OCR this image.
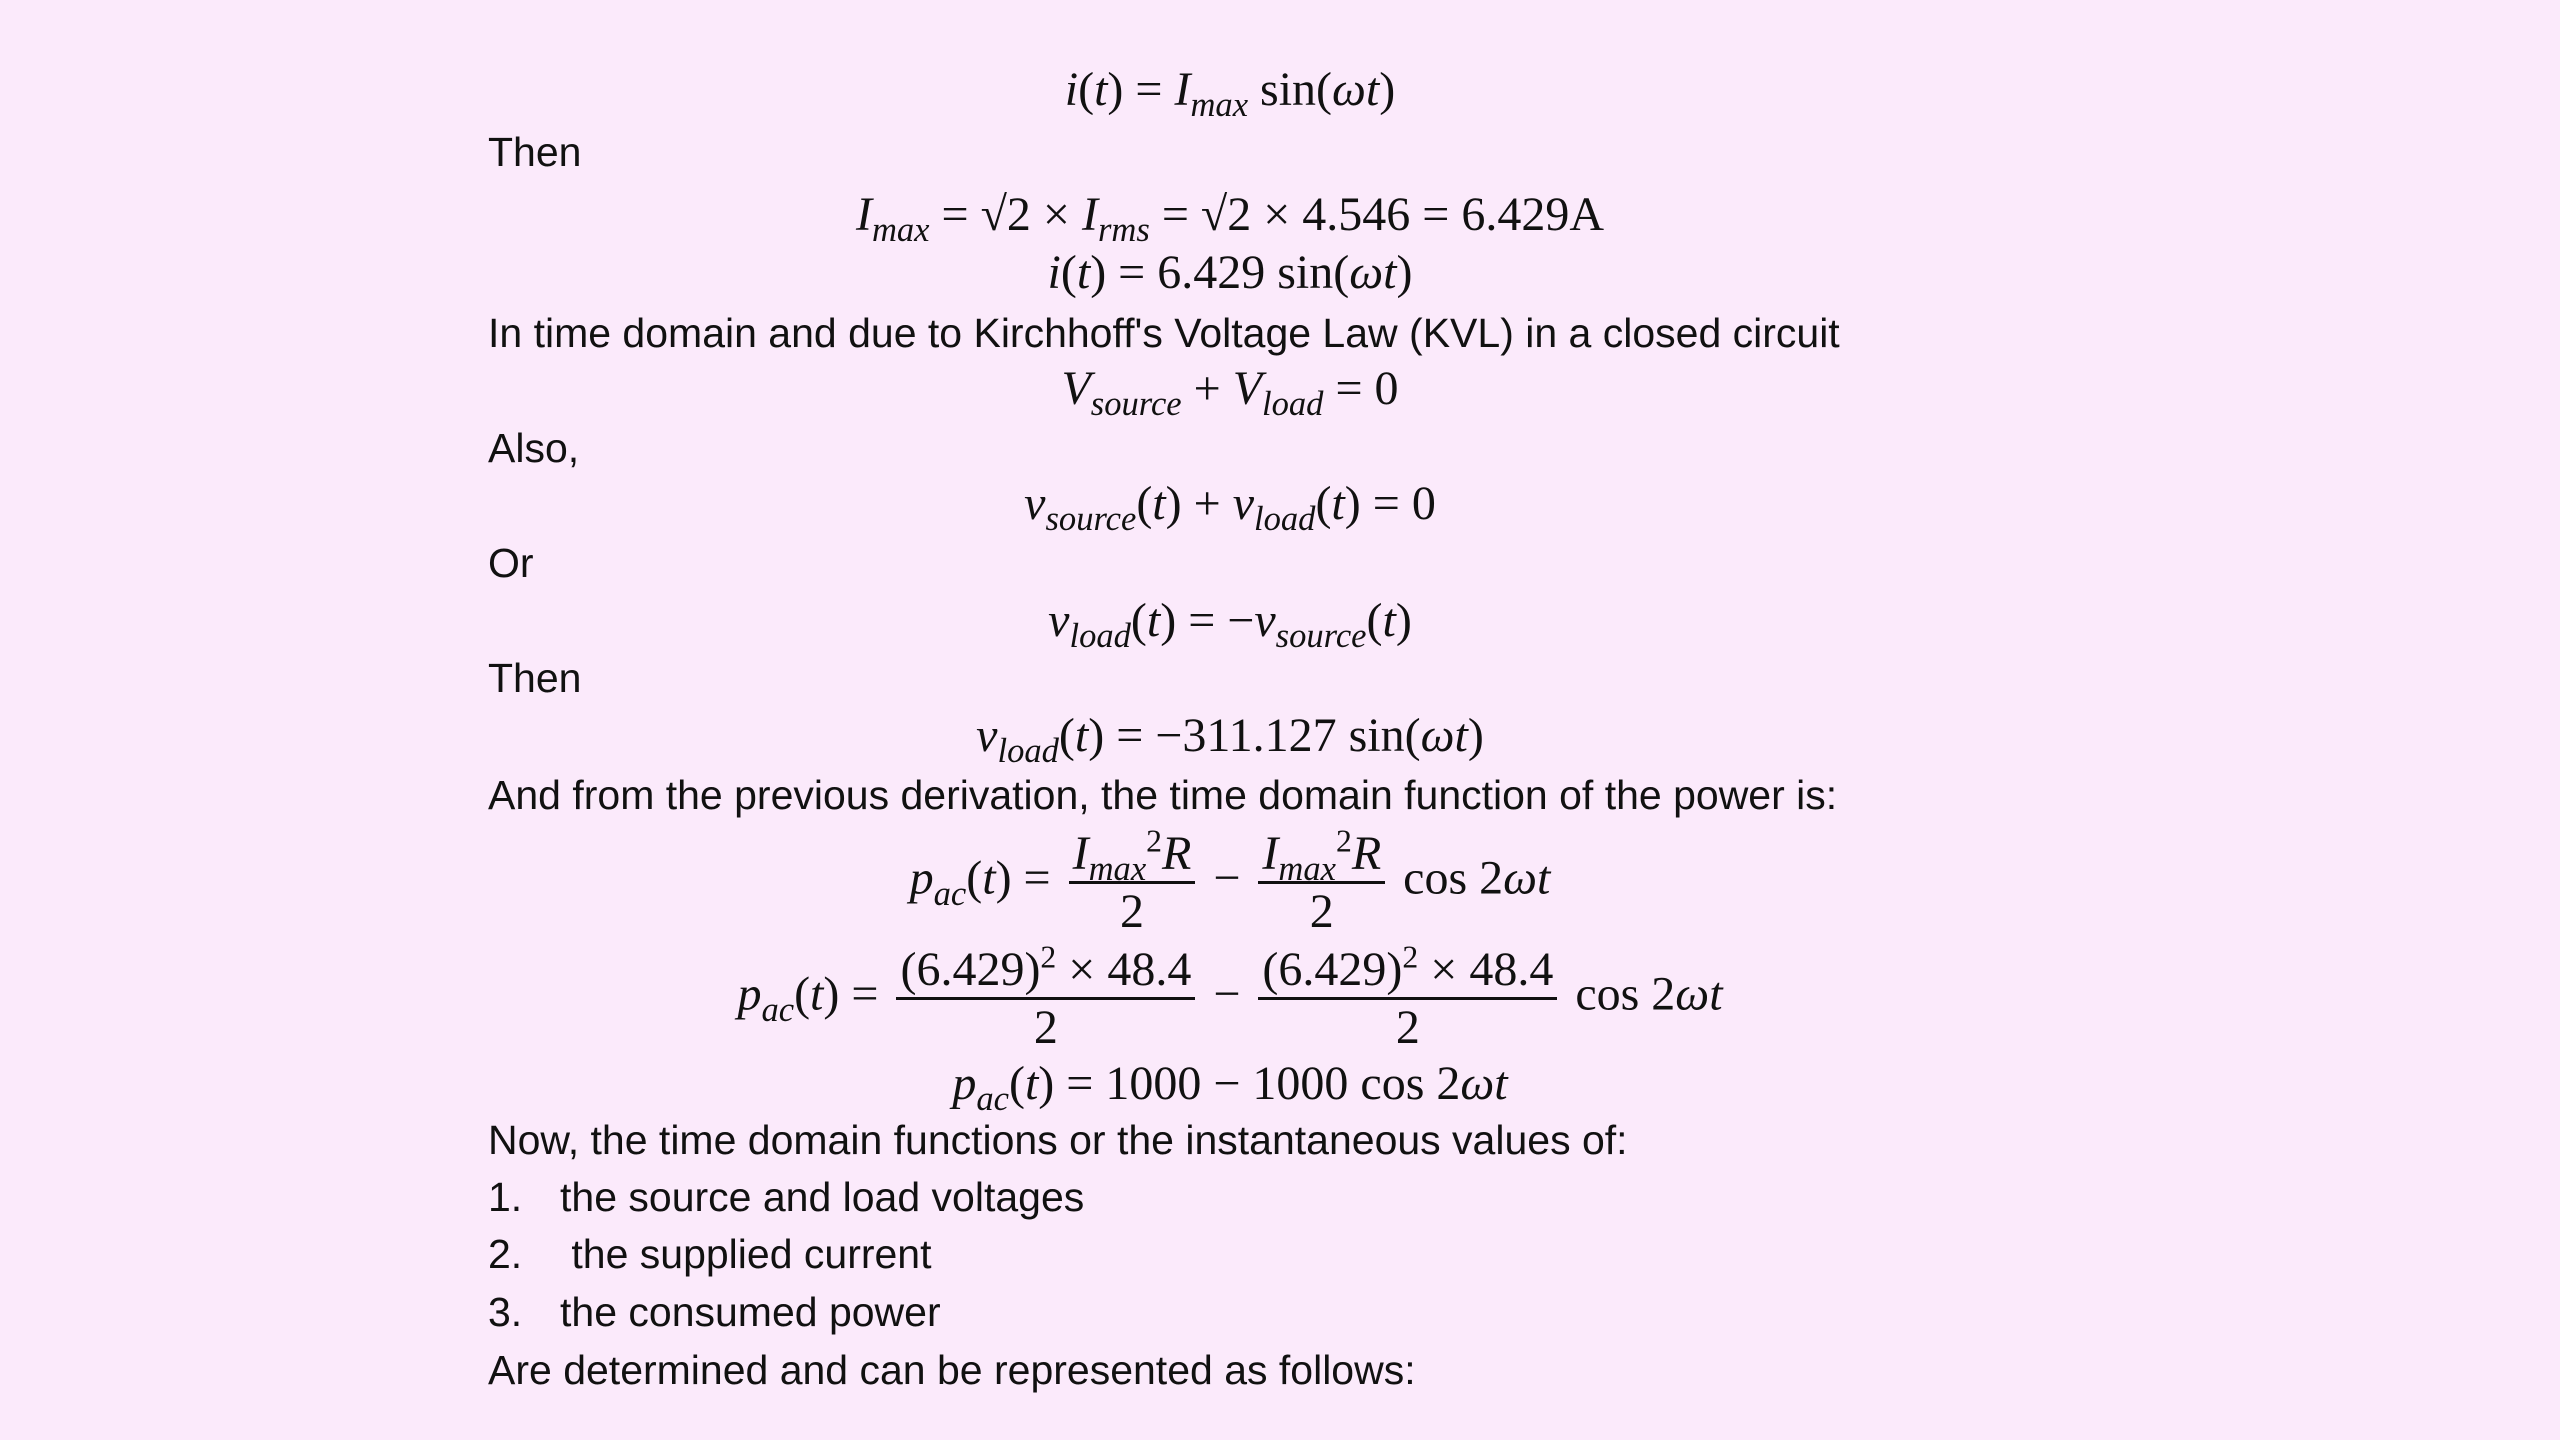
$i(t) = I_{max}$ sin(ωt)
Then
$I_{max} = √2 \times I_{rms} = √2 \times 4.546 = 6.429A$
i(t) = 6.429 sin(ωt)
In time domain and due to Kirchhoff's Voltage Law (KVL) in a closed circuit
$V_{source} + V_{load} = 0$
Also,
$v_{source}(t) + v_{load}(t) = 0$
Or
$v_{load}(t) = -v_{source}(t)$
Then
$v_{load}(t) = -311.127$ sin(ωt)
And from the previous derivation, the time domain function of the power is:
$p_{ac}(t) = \frac{I_{max}^2R}{2} - \frac{I_{max}^2R}{2}$ cos 2ωt
$p_{ac}(t) = \frac{(6.429)^2 \times 48.4}{2} - \frac{(6.429)^2 \times 48.4}{2}$ cos 2ωt
$p_{ac}(t) = 1000 - 1000$ cos 2ωt
Now, the time domain functions or the instantaneous values of:
1. the source and load voltages
2. the supplied current
3. the consumed power
Are determined and can be represented as follows:
